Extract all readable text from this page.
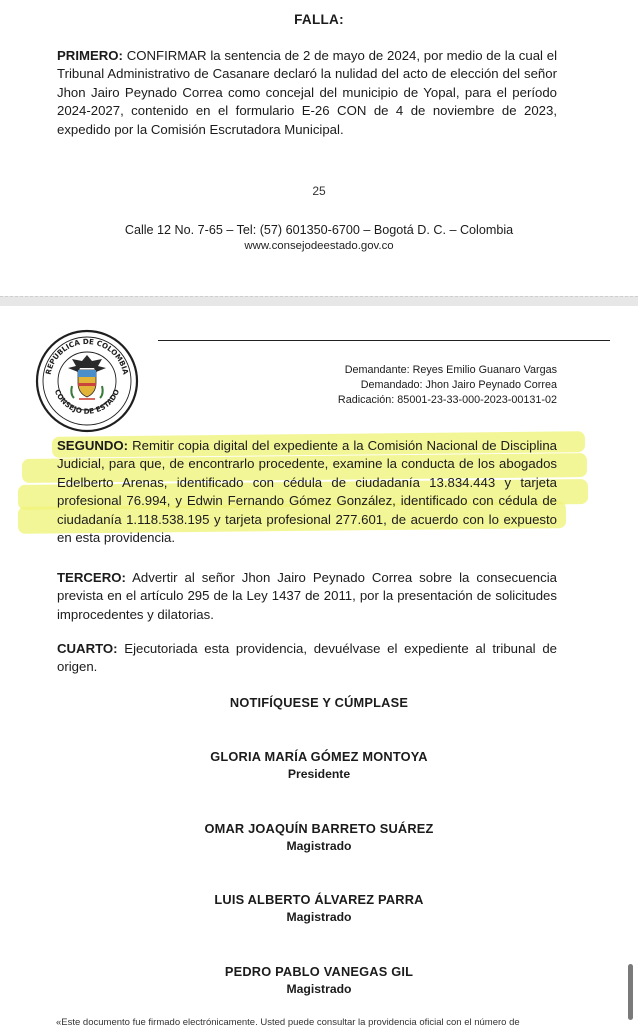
FALLA:
PRIMERO: CONFIRMAR la sentencia de 2 de mayo de 2024, por medio de la cual el Tribunal Administrativo de Casanare declaró la nulidad del acto de elección del señor Jhon Jairo Peynado Correa como concejal del municipio de Yopal, para el período 2024-2027, contenido en el formulario E-26 CON de 4 de noviembre de 2023, expedido por la Comisión Escrutadora Municipal.
25
Calle 12 No. 7-65 – Tel: (57) 601350-6700 – Bogotá D. C. – Colombia
www.consejodeestado.gov.co
REPÚBLICA DE COLOMBIA
CONSEJO DE ESTADO
Demandante: Reyes Emilio Guanaro Vargas
Demandado: Jhon Jairo Peynado Correa
Radicación: 85001-23-33-000-2023-00131-02
SEGUNDO: Remitir copia digital del expediente a la Comisión Nacional de Disciplina Judicial, para que, de encontrarlo procedente, examine la conducta de los abogados Edelberto Arenas, identificado con cédula de ciudadanía 13.834.443 y tarjeta profesional 76.994, y Edwin Fernando Gómez González, identificado con cédula de ciudadanía 1.118.538.195 y tarjeta profesional 277.601, de acuerdo con lo expuesto en esta providencia.
TERCERO: Advertir al señor Jhon Jairo Peynado Correa sobre la consecuencia prevista en el artículo 295 de la Ley 1437 de 2011, por la presentación de solicitudes improcedentes y dilatorias.
CUARTO: Ejecutoriada esta providencia, devuélvase el expediente al tribunal de origen.
NOTIFÍQUESE Y CÚMPLASE
GLORIA MARÍA GÓMEZ MONTOYA
Presidente
OMAR JOAQUÍN BARRETO SUÁREZ
Magistrado
LUIS ALBERTO ÁLVAREZ PARRA
Magistrado
PEDRO PABLO VANEGAS GIL
Magistrado
«Este documento fue firmado electrónicamente. Usted puede consultar la providencia oficial con el número de
